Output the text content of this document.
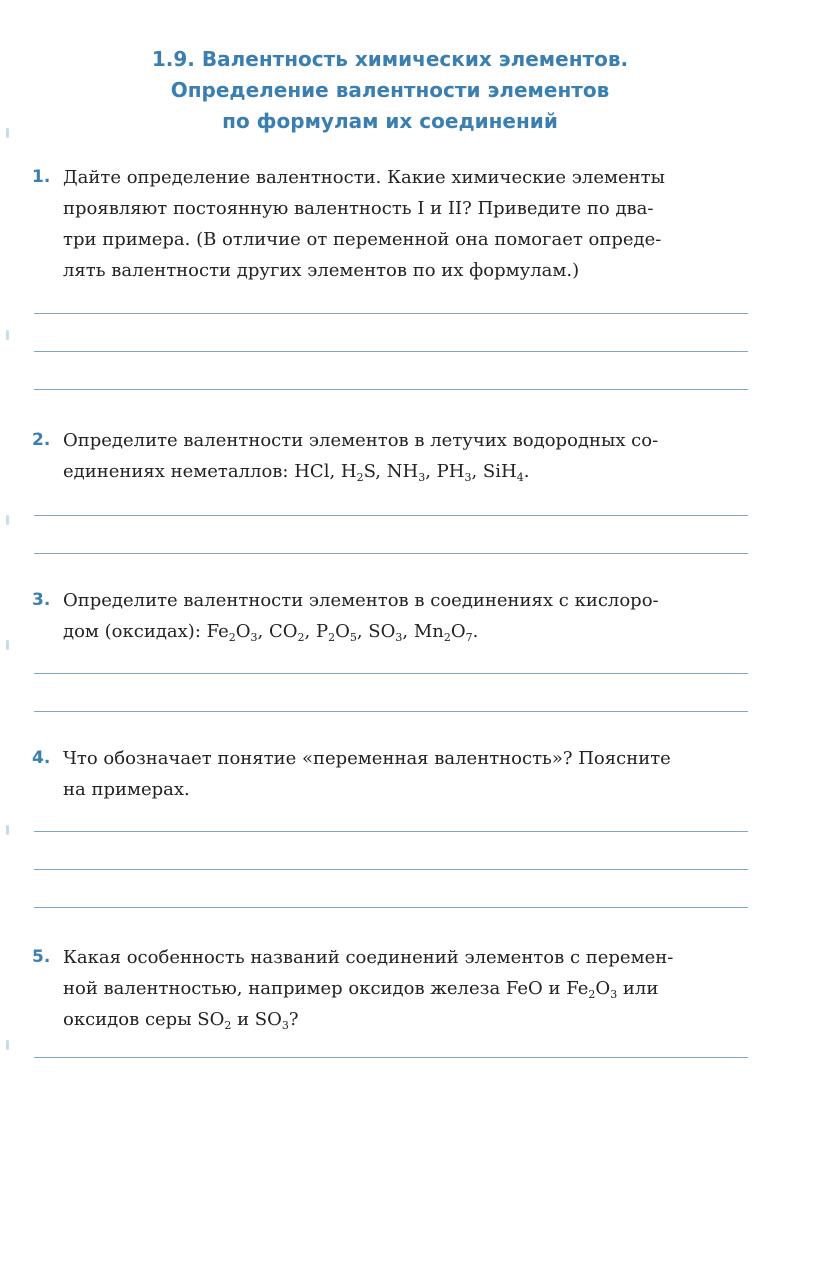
1.9. Валентность химических элементов.
Определение валентности элементов
по формулам их соединений
1. Дайте определение валентности. Какие химические элементы
проявляют постоянную валентность I и II? Приведите по два-
три примера. (В отличие от переменной она помогает опреде-
лять валентности других элементов по их формулам.)
2. Определите валентности элементов в летучих водородных со-
единениях неметаллов: HCl, $H_2S$, $NH_3$, $PH_3$, SiH$_4$.
3. Определите валентности элементов в соединениях с кислоро-
дом (оксидах): $Fe_2O_3$, $CO_2$, $P_2O_5$, $SO_3$, $Mn_2O_7$.
4. Что обозначает понятие «переменная валентность»? Поясните
на примерах.
5. Какая особенность названий соединений элементов с перемен-
ной валентностью, например оксидов железа FeO и $Fe_2O_3$ или
оксидов серы $SO_2$ и $SO_3$?
